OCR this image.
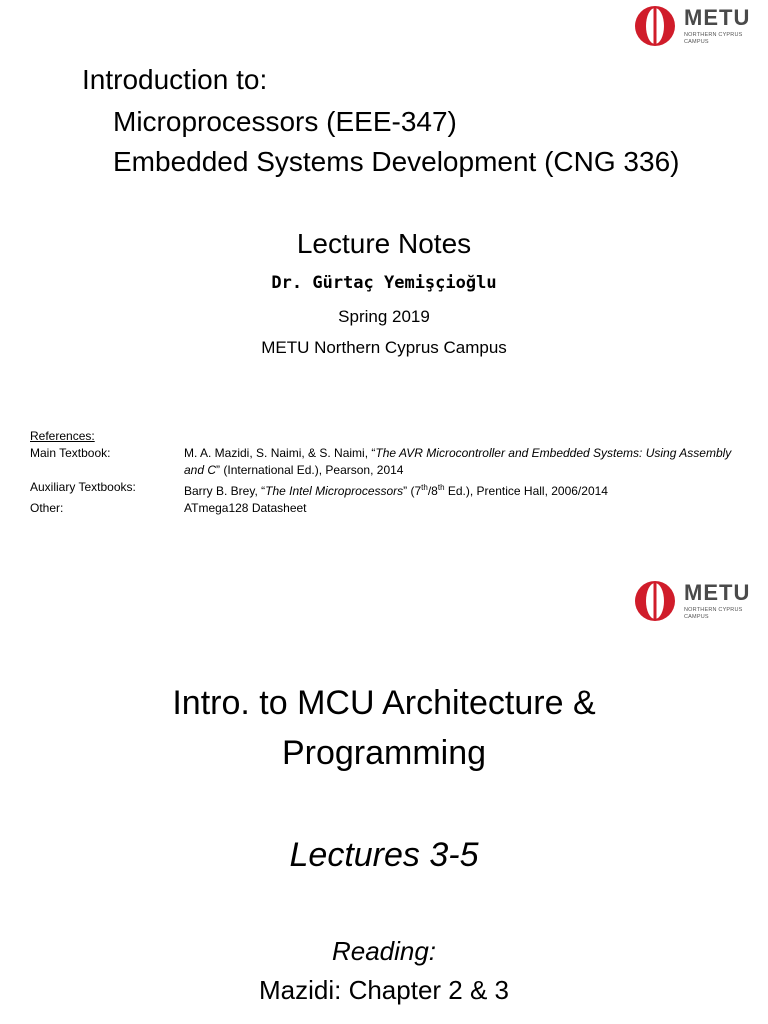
METU
NORTHERN CYPRUS
CAMPUS
Introduction to:
Microprocessors (EEE-347)
Embedded Systems Development (CNG 336)
Lecture Notes
Dr. Gürtaç Yemişçioğlu
Spring 2019
METU Northern Cyprus Campus
References:
Main Textbook:	M. A. Mazidi, S. Naimi, & S. Naimi, “The AVR Microcontroller and Embedded Systems: Using Assembly and C” (International Ed.), Pearson, 2014
Auxiliary Textbooks:	Barry B. Brey, “The Intel Microprocessors” (7th/8th Ed.), Prentice Hall, 2006/2014
Other:	ATmega128 Datasheet
METU
NORTHERN CYPRUS
CAMPUS
Intro. to MCU Architecture &
Programming
Lectures 3-5
Reading:
Mazidi: Chapter 2 & 3
